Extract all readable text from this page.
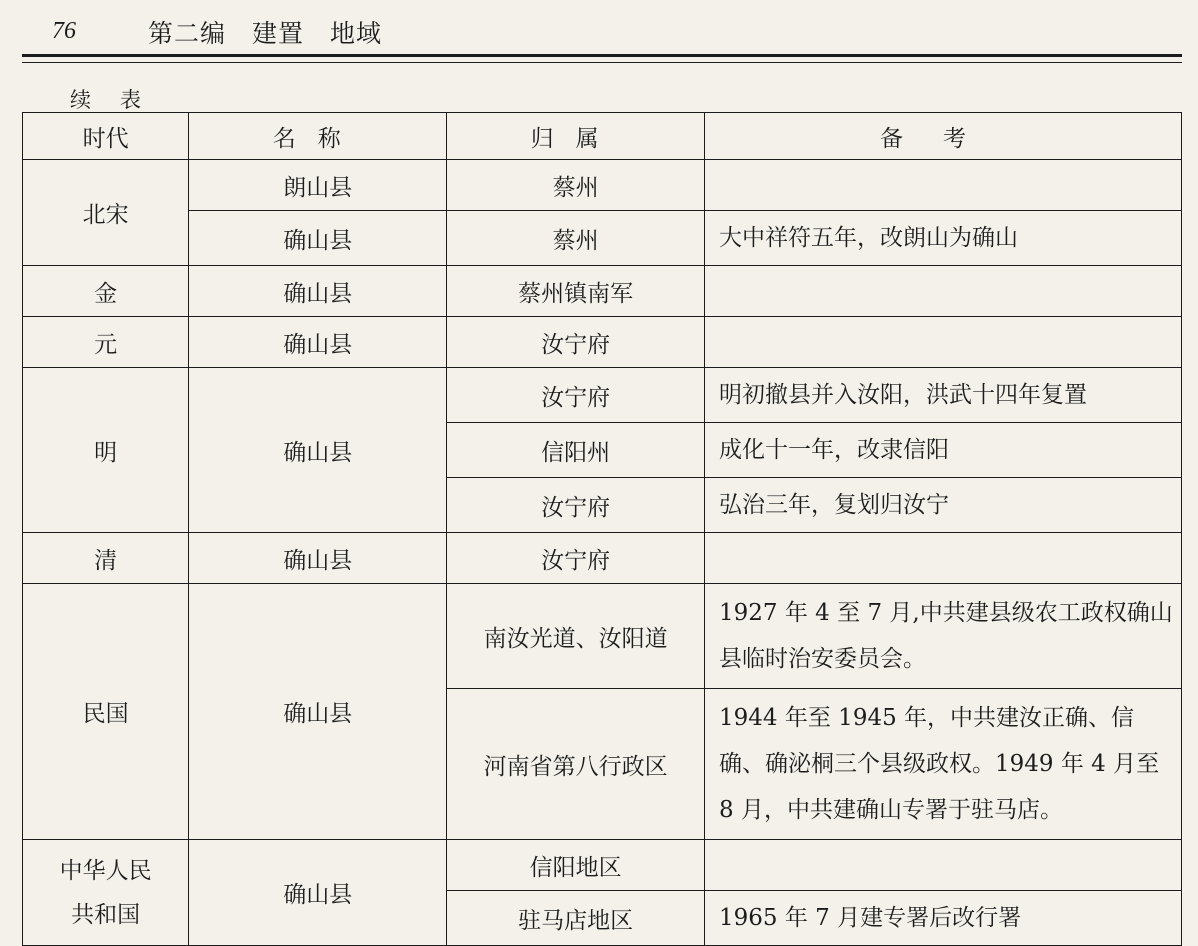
76	第二编　建置　地域
续　表
时代	名称	归属	备考
北宋	朗山县	蔡州	
	确山县	蔡州	大中祥符五年，改朗山为确山
金	确山县	蔡州镇南军	
元	确山县	汝宁府	
明	确山县	汝宁府	明初撤县并入汝阳，洪武十四年复置
		信阳州	成化十一年，改隶信阳
		汝宁府	弘治三年，复划归汝宁
清	确山县	汝宁府	
民国	确山县	南汝光道、汝阳道	1927 年 4 至 7 月,中共建县级农工政权确山县临时治安委员会。
		河南省第八行政区	1944 年至 1945 年，中共建汝正确、信确、确泌桐三个县级政权。1949 年 4 月至 8 月，中共建确山专署于驻马店。

中华人民
共和国	确山县	信阳地区	
		驻马店地区	1965 年 7 月建专署后改行署
